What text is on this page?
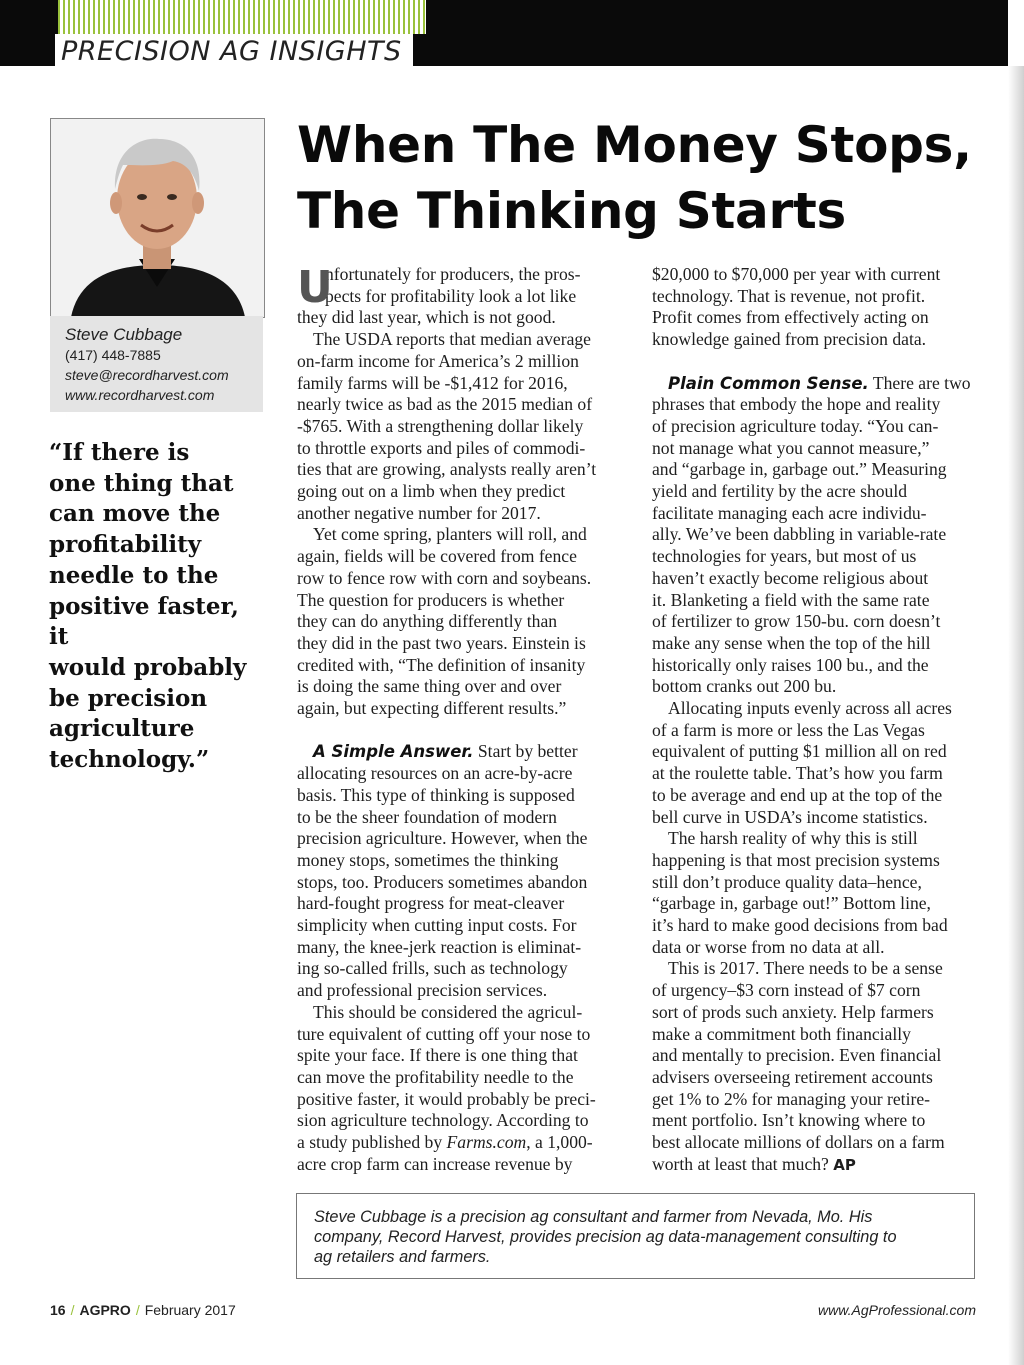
PRECISION AG INSIGHTS
Steve Cubbage
(417) 448-7885
steve@recordharvest.com
www.recordharvest.com
“If there is
one thing that
can move the
profitability
needle to the
positive faster, it
would probably
be precision
agriculture
technology.”
When The Money Stops,
The Thinking Starts
U
nfortunately for producers, the pros-
pects for profitability look a lot like
they did last year, which is not good.
The USDA reports that median average
on-farm income for America’s 2 million
family farms will be -$1,412 for 2016,
nearly twice as bad as the 2015 median of
-$765. With a strengthening dollar likely
to throttle exports and piles of commodi-
ties that are growing, analysts really aren’t
going out on a limb when they predict
another negative number for 2017.
Yet come spring, planters will roll, and
again, fields will be covered from fence
row to fence row with corn and soybeans.
The question for producers is whether
they can do anything differently than
they did in the past two years. Einstein is
credited with, “The definition of insanity
is doing the same thing over and over
again, but expecting different results.”
A Simple Answer. Start by better
allocating resources on an acre-by-acre
basis. This type of thinking is supposed
to be the sheer foundation of modern
precision agriculture. However, when the
money stops, sometimes the thinking
stops, too. Producers sometimes abandon
hard-fought progress for meat-cleaver
simplicity when cutting input costs. For
many, the knee-jerk reaction is eliminat-
ing so-called frills, such as technology
and professional precision services.
This should be considered the agricul-
ture equivalent of cutting off your nose to
spite your face. If there is one thing that
can move the profitability needle to the
positive faster, it would probably be preci-
sion agriculture technology. According to
a study published by Farms.com, a 1,000-
acre crop farm can increase revenue by
$20,000 to $70,000 per year with current
technology. That is revenue, not profit.
Profit comes from effectively acting on
knowledge gained from precision data.
Plain Common Sense. There are two
phrases that embody the hope and reality
of precision agriculture today. “You can-
not manage what you cannot measure,”
and “garbage in, garbage out.” Measuring
yield and fertility by the acre should
facilitate managing each acre individu-
ally. We’ve been dabbling in variable-rate
technologies for years, but most of us
haven’t exactly become religious about
it. Blanketing a field with the same rate
of fertilizer to grow 150-bu. corn doesn’t
make any sense when the top of the hill
historically only raises 100 bu., and the
bottom cranks out 200 bu.
Allocating inputs evenly across all acres
of a farm is more or less the Las Vegas
equivalent of putting $1 million all on red
at the roulette table. That’s how you farm
to be average and end up at the top of the
bell curve in USDA’s income statistics.
The harsh reality of why this is still
happening is that most precision systems
still don’t produce quality data–hence,
“garbage in, garbage out!” Bottom line,
it’s hard to make good decisions from bad
data or worse from no data at all.
This is 2017. There needs to be a sense
of urgency–$3 corn instead of $7 corn
sort of prods such anxiety. Help farmers
make a commitment both financially
and mentally to precision. Even financial
advisers overseeing retirement accounts
get 1% to 2% for managing your retire-
ment portfolio. Isn’t knowing where to
best allocate millions of dollars on a farm
worth at least that much? AP
Steve Cubbage is a precision ag consultant and farmer from Nevada, Mo. His
company, Record Harvest, provides precision ag data-management consulting to
ag retailers and farmers.
16 / AGPRO / February 2017	www.AgProfessional.com
